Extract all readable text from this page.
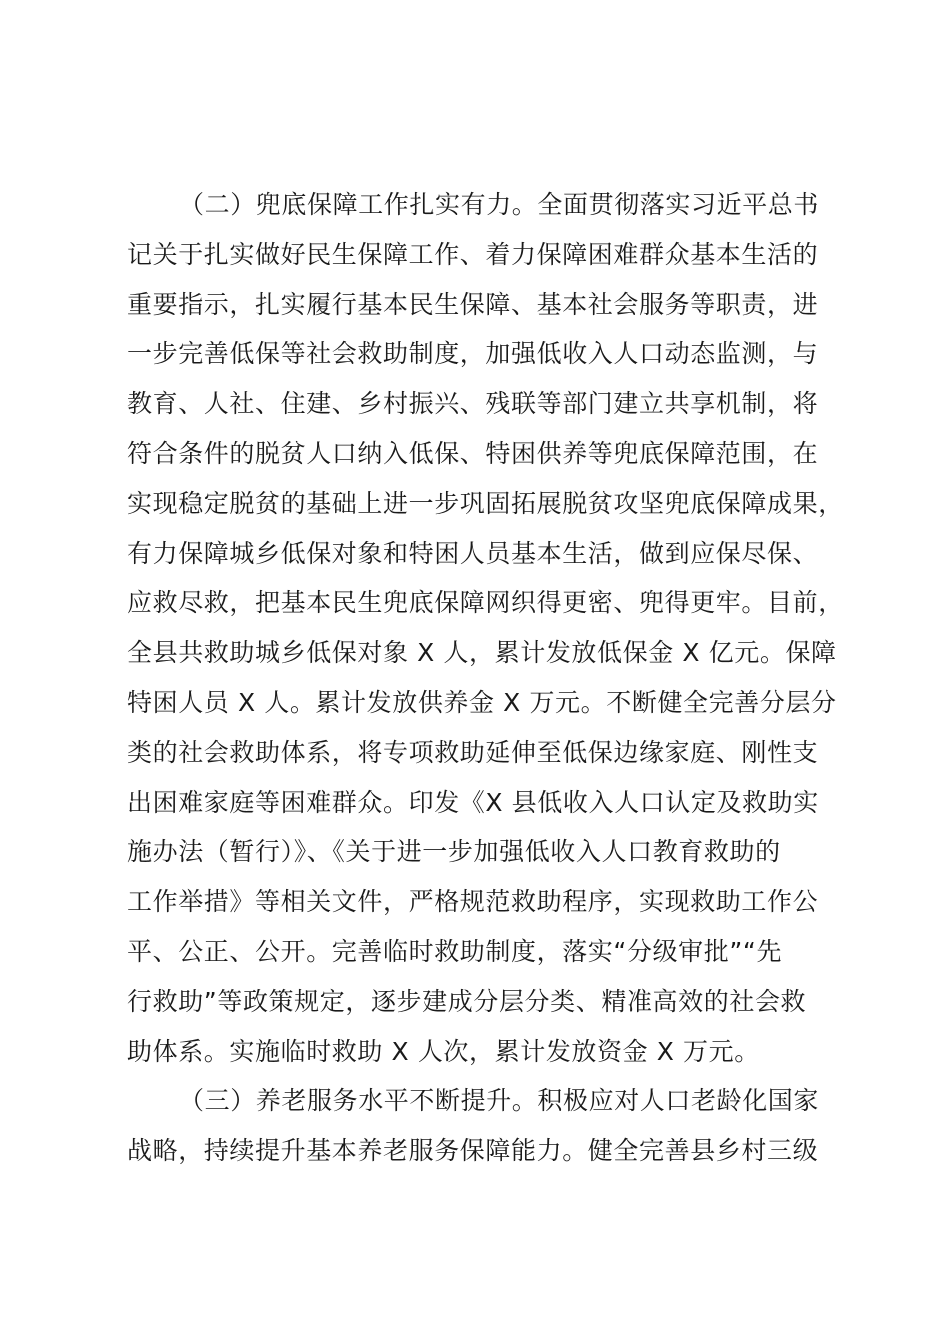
（二）兜底保障工作扎实有力。全面贯彻落实习近平总书
记关于扎实做好民生保障工作、着力保障困难群众基本生活的
重要指示，扎实履行基本民生保障、基本社会服务等职责，进
一步完善低保等社会救助制度，加强低收入人口动态监测，与
教育、人社、住建、乡村振兴、残联等部门建立共享机制，将
符合条件的脱贫人口纳入低保、特困供养等兜底保障范围，在
实现稳定脱贫的基础上进一步巩固拓展脱贫攻坚兜底保障成果，
有力保障城乡低保对象和特困人员基本生活，做到应保尽保、
应救尽救，把基本民生兜底保障网织得更密、兜得更牢。目前，
全县共救助城乡低保对象 X 人，累计发放低保金 X 亿元。保障
特困人员 X 人。累计发放供养金 X 万元。不断健全完善分层分
类的社会救助体系，将专项救助延伸至低保边缘家庭、刚性支
出困难家庭等困难群众。印发《X 县低收入人口认定及救助实
施办法（暂行）》、《关于进一步加强低收入人口教育救助的
工作举措》等相关文件，严格规范救助程序，实现救助工作公
平、公正、公开。完善临时救助制度，落实“分级审批”“先
行救助”等政策规定，逐步建成分层分类、精准高效的社会救
助体系。实施临时救助 X 人次，累计发放资金 X 万元。
（三）养老服务水平不断提升。积极应对人口老龄化国家
战略，持续提升基本养老服务保障能力。健全完善县乡村三级
